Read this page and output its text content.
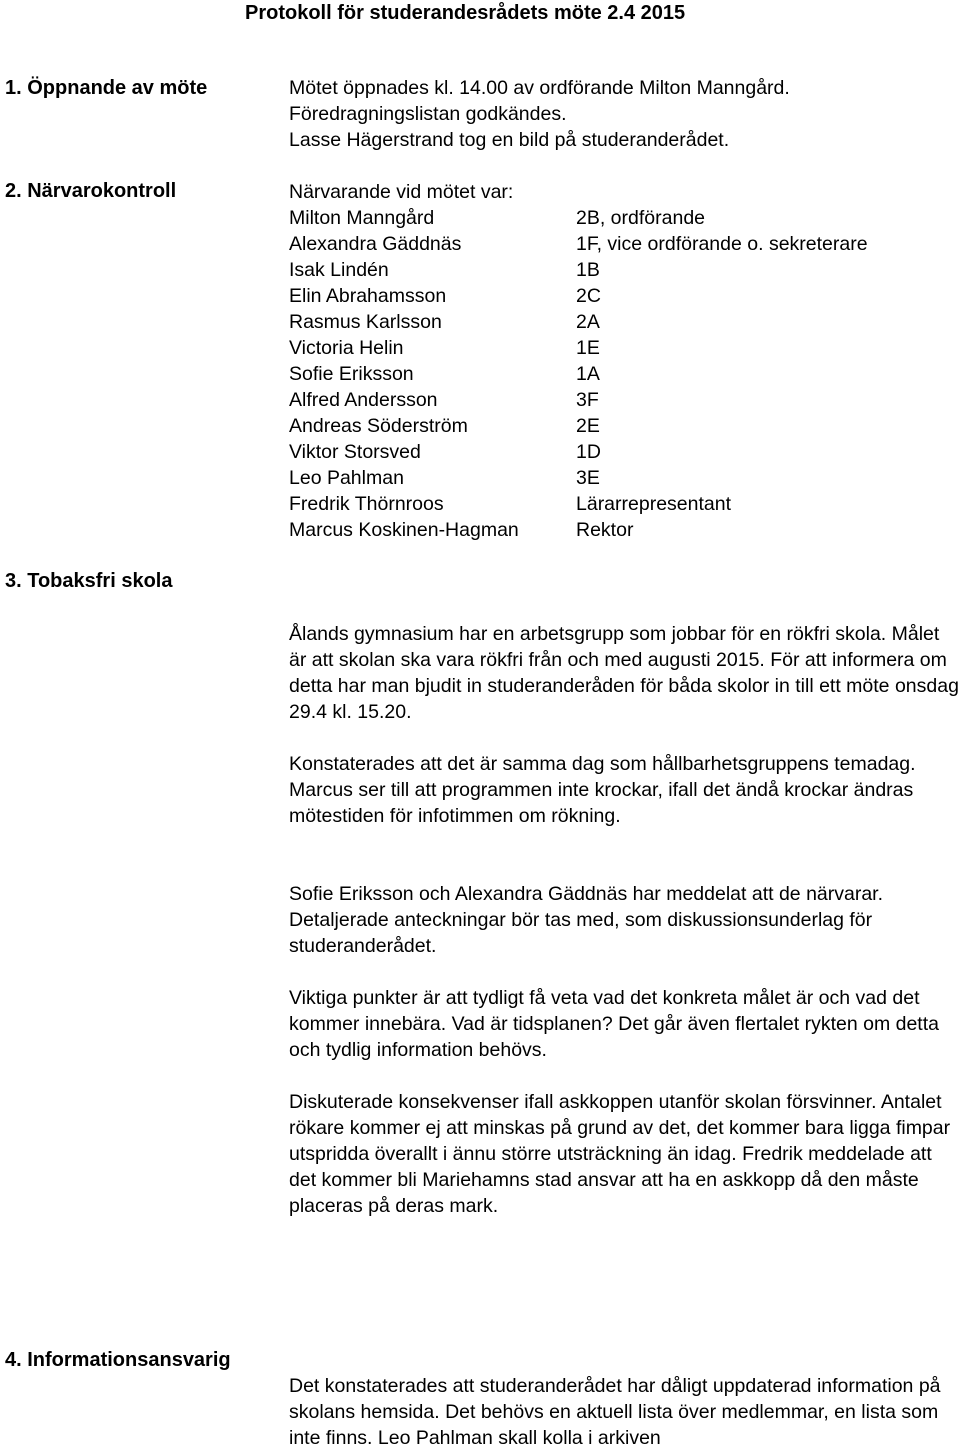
Protokoll för studerandesrådets möte 2.4 2015
1. Öppnande av möte	Mötet öppnades kl. 14.00 av ordförande Milton Manngård.
Föredragningslistan godkändes.
Lasse Hägerstrand tog en bild på studeranderådet.
2. Närvarokontroll	Närvarande vid mötet var:
Milton Manngård	2B, ordförande
Alexandra Gäddnäs	1F, vice ordförande o. sekreterare
Isak Lindén	1B
Elin Abrahamsson	2C
Rasmus Karlsson	2A
Victoria Helin	1E
Sofie Eriksson	1A
Alfred Andersson	3F
Andreas Söderström	2E
Viktor Storsved	1D
Leo Pahlman	3E
Fredrik Thörnroos	Lärarrepresentant
Marcus Koskinen-Hagman	Rektor
3. Tobaksfri skola

Ålands gymnasium har en arbetsgrupp som jobbar för en rökfri skola. Målet är att skolan ska vara rökfri från och med augusti 2015. För att informera om detta har man bjudit in studeranderåden för båda skolor in till ett möte onsdag 29.4 kl. 15.20.

Konstaterades att det är samma dag som hållbarhetsgruppens temadag.

Marcus ser till att programmen inte krockar, ifall det ändå krockar ändras mötestiden för infotimmen om rökning.

Sofie Eriksson och Alexandra Gäddnäs har meddelat att de närvarar. Detaljerade anteckningar bör tas med, som diskussionsunderlag för studeranderådet.

Viktiga punkter är att tydligt få veta vad det konkreta målet är och vad det kommer innebära. Vad är tidsplanen? Det går även flertalet rykten om detta och tydlig information behövs.

Diskuterade konsekvenser ifall askkoppen utanför skolan försvinner. Antalet rökare kommer ej att minskas på grund av det, det kommer bara ligga fimpar utspridda överallt i ännu större utsträckning än idag. Fredrik meddelade att det kommer bli Mariehamns stad ansvar att ha en askkopp då den måste placeras på deras mark.

4. Informationsansvarig

Det konstaterades att studeranderådet har dåligt uppdaterad information på skolans hemsida. Det behövs en aktuell lista över medlemmar, en lista som inte finns. Leo Pahlman skall kolla i arkiven
